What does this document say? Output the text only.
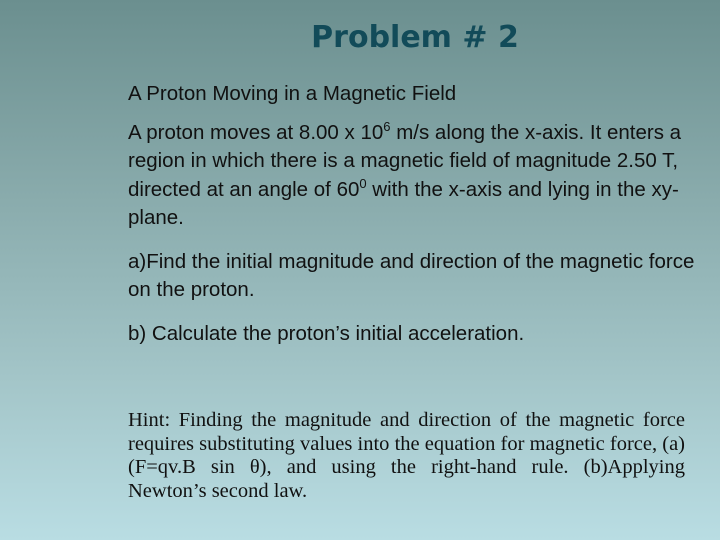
Problem # 2

A Proton Moving in a Magnetic Field

A proton moves at 8.00 x $10^6$ m/s along the x-axis. It enters a region in which there is a magnetic field of magnitude 2.50 T, directed at an angle of $60^0$ with the x-axis and lying in the xy-plane.

a)Find the initial magnitude and direction of the magnetic force on the proton.

b) Calculate the proton’s initial acceleration.

Hint: Finding the magnitude and direction of the magnetic force requires substituting values into the equation for magnetic force, (a) (F=qv.B sin θ), and using the right-hand rule. (b)Applying Newton’s second law.
